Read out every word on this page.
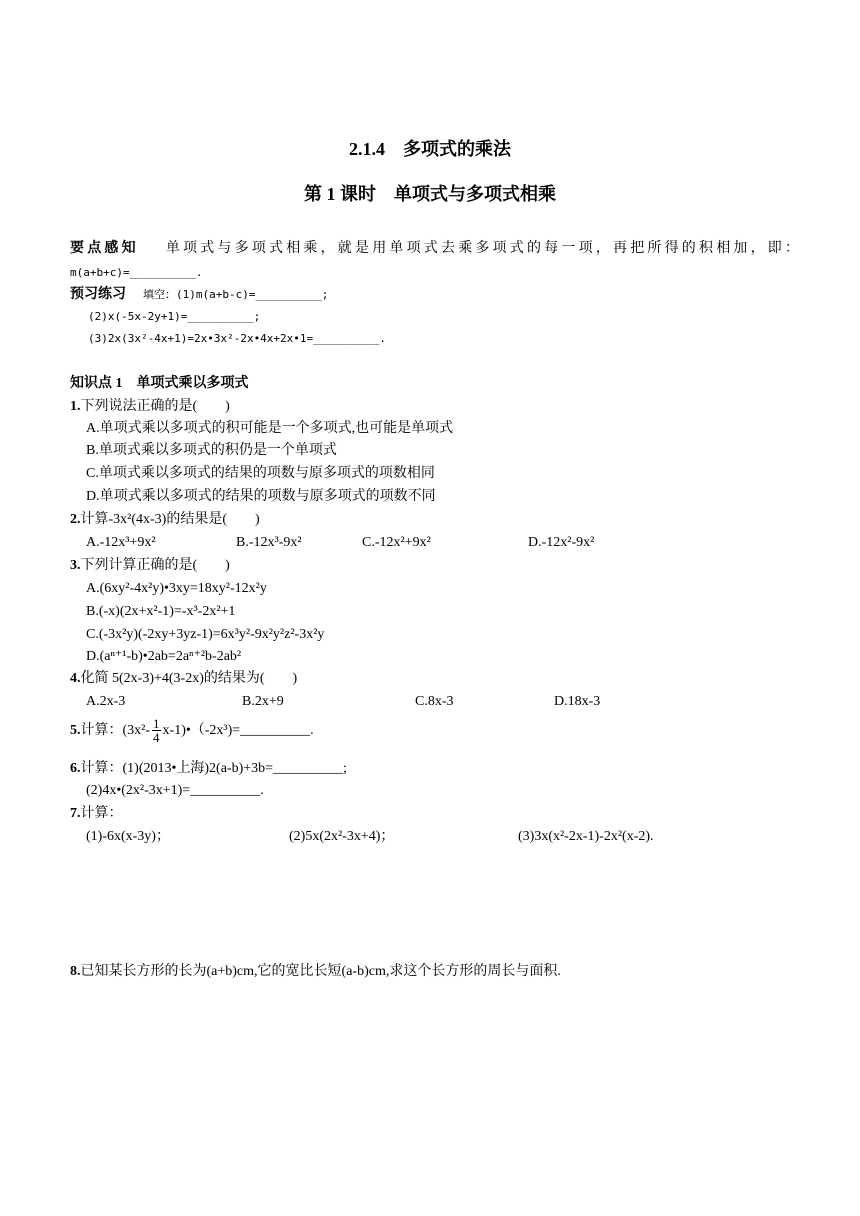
2.1.4　多项式的乘法
第 1 课时　单项式与多项式相乘
要点感知 单项式与多项式相乘，就是用单项式去乘多项式的每一项，再把所得的积相加，即：
m(a+b+c)=__________.
预习练习 填空：(1)m(a+b-c)=__________;
(2)x(-5x-2y+1)=__________;
(3)2x(3x²-4x+1)=2x•3x²-2x•4x+2x•1=__________.
知识点 1　单项式乘以多项式
1.下列说法正确的是(　　)
A.单项式乘以多项式的积可能是一个多项式,也可能是单项式
B.单项式乘以多项式的积仍是一个单项式
C.单项式乘以多项式的结果的项数与原多项式的项数相同
D.单项式乘以多项式的结果的项数与原多项式的项数不同
2.计算-3x²(4x-3)的结果是(　　)
A.-12x³+9x²	B.-12x³-9x²	C.-12x²+9x²	D.-12x²-9x²
3.下列计算正确的是(　　)
A.(6xy²-4x²y)•3xy=18xy²-12x²y
B.(-x)(2x+x²-1)=-x³-2x²+1
C.(-3x²y)(-2xy+3yz-1)=6x³y²-9x²y²z²-3x²y
D.(aⁿ⁺¹-b)•2ab=2aⁿ⁺²b-2ab²
4.化简 5(2x-3)+4(3-2x)的结果为(　　)
A.2x-3	B.2x+9	C.8x-3	D.18x-3
5.计算：($3x^2- \frac{1}{4}$ x-1)•（-2x³)=__________.
6.计算：(1)(2013•上海)2(a-b)+3b=__________;
(2)4x•(2x²-3x+1)=__________.
7.计算：
(1)-6x(x-3y)；	(2)5x(2x²-3x+4)；	(3)3x(x²-2x-1)-2x²(x-2).
8.已知某长方形的长为(a+b)cm,它的宽比长短(a-b)cm,求这个长方形的周长与面积.
